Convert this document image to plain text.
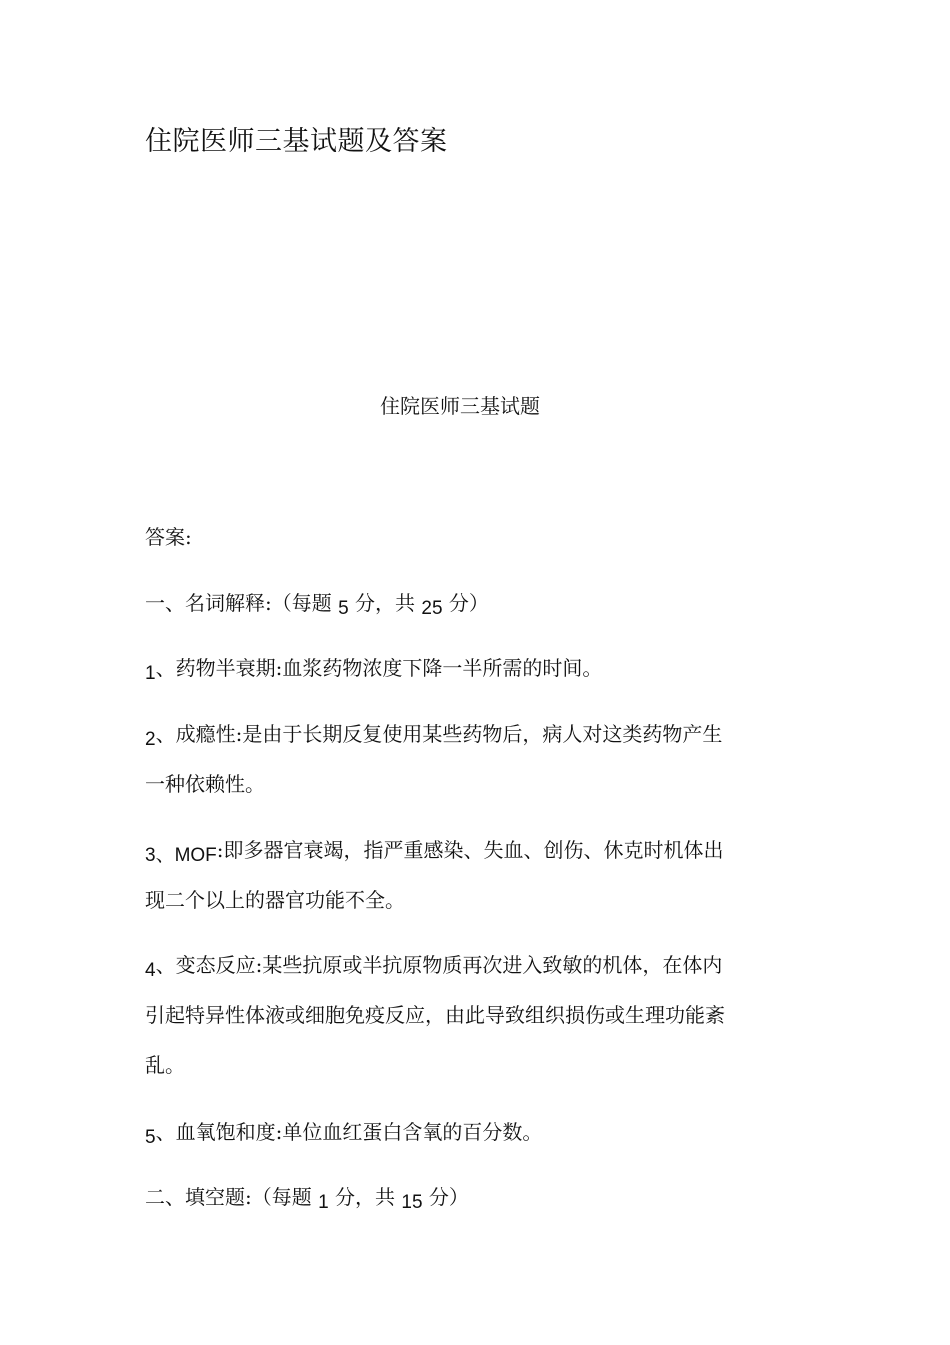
住院医师三基试题及答案
住院医师三基试题
答案:
一、名词解释:（每题 5 分，共 25 分）
1、药物半衰期:血浆药物浓度下降一半所需的时间。
2、成瘾性:是由于长期反复使用某些药物后，病人对这类药物产生
一种依赖性。
3、MOF:即多器官衰竭，指严重感染、失血、创伤、休克时机体出
现二个以上的器官功能不全。
4、变态反应:某些抗原或半抗原物质再次进入致敏的机体，在体内
引起特异性体液或细胞免疫反应，由此导致组织损伤或生理功能紊
乱。
5、血氧饱和度:单位血红蛋白含氧的百分数。
二、填空题:（每题 1 分，共 15 分）
